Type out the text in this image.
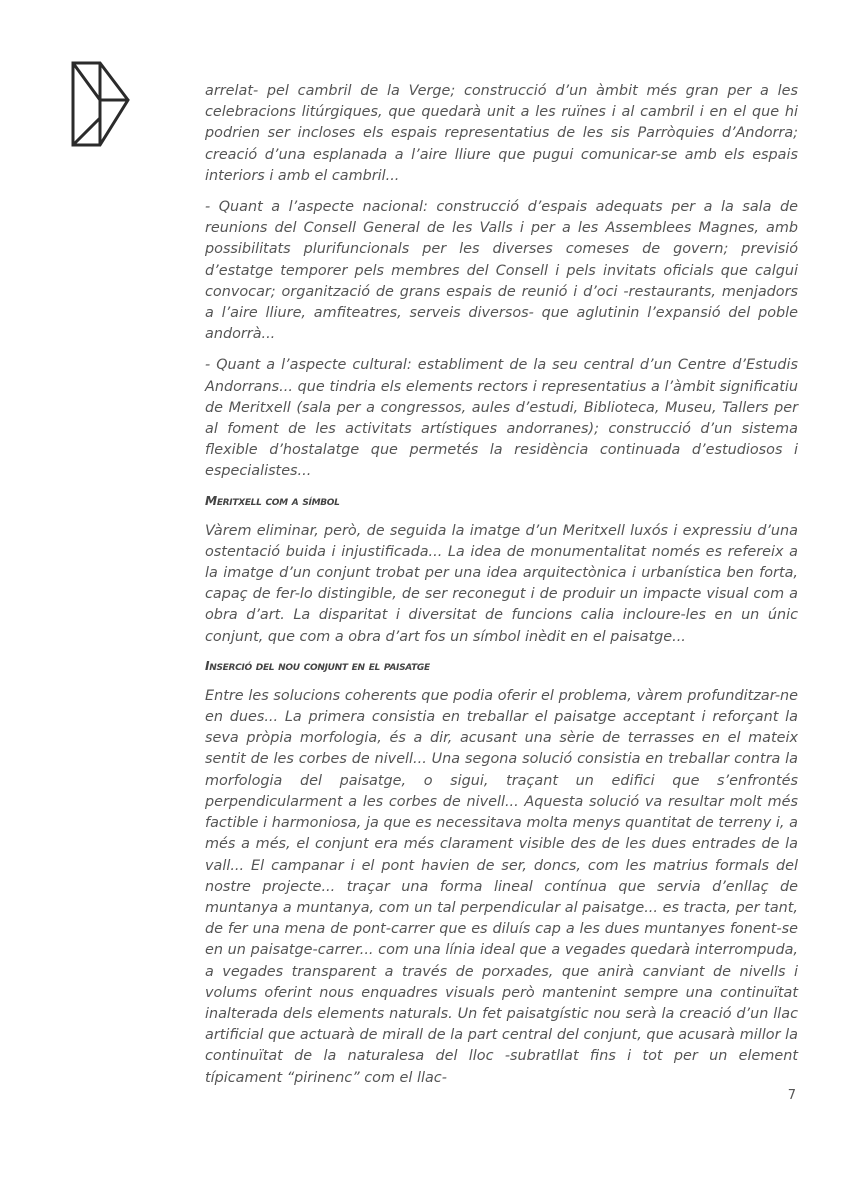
arrelat- pel cambril de la Verge; construcció d’un àmbit més gran per a les celebracions litúrgiques, que quedarà unit a les ruïnes i al cambril i en el que hi podrien ser incloses els espais representatius de les sis Parròquies d’Andorra; creació d’una esplanada a l’aire lliure que pugui comunicar-se amb els espais interiors i amb el cambril...

- Quant a l’aspecte nacional: construcció d’espais adequats per a la sala de reunions del Consell General de les Valls i per a les Assemblees Magnes, amb possibilitats plurifuncionals per les diverses comeses de govern; previsió d’estatge temporer pels membres del Consell i pels invitats oficials que calgui convocar; organització de grans espais de reunió i d’oci -restaurants, menjadors a l’aire lliure, amfiteatres, serveis diversos- que aglutinin l’expansió del poble andorrà...

- Quant a l’aspecte cultural: establiment de la seu central d’un Centre d’Estudis Andorrans... que tindria els elements rectors i representatius a l’àmbit significatiu de Meritxell (sala per a congressos, aules d’estudi, Biblioteca, Museu, Tallers per al foment de les activitats artístiques andorranes); construcció d’un sistema flexible d’hostalatge que permetés la residència continuada d’estudiosos i especialistes...

Meritxell com a símbol

Vàrem eliminar, però, de seguida la imatge d’un Meritxell luxós i expressiu d’una ostentació buida i injustificada... La idea de monumentalitat només es refereix a la imatge d’un conjunt trobat per una idea arquitectònica i urbanística ben forta, capaç de fer-lo distingible, de ser reconegut i de produir un impacte visual com a obra d’art. La disparitat i diversitat de funcions calia incloure-les en un únic conjunt, que com a obra d’art fos un símbol inèdit en el paisatge...

Inserció del nou conjunt en el paisatge

Entre les solucions coherents que podia oferir el problema, vàrem profunditzar-ne en dues... La primera consistia en treballar el paisatge acceptant i reforçant la seva pròpia morfologia, és a dir, acusant una sèrie de terrasses en el mateix sentit de les corbes de nivell... Una segona solució consistia en treballar contra la morfologia del paisatge, o sigui, traçant un edifici que s’enfrontés perpendicularment a les corbes de nivell... Aquesta solució va resultar molt més factible i harmoniosa, ja que es necessitava molta menys quantitat de terreny i, a més a més, el conjunt era més clarament visible des de les dues entrades de la vall... El campanar i el pont havien de ser, doncs, com les matrius formals del nostre projecte... traçar una forma lineal contínua que servia d’enllaç de muntanya a muntanya, com un tal perpendicular al paisatge... es tracta, per tant, de fer una mena de pont-carrer que es diluís cap a les dues muntanyes fonent-se en un paisatge-carrer... com una línia ideal que a vegades quedarà interrompuda, a vegades transparent a través de porxades, que anirà canviant de nivells i volums oferint nous enquadres visuals però mantenint sempre una continuïtat inalterada dels elements naturals. Un fet paisatgístic nou serà la creació d’un llac artificial que actuarà de mirall de la part central del conjunt, que acusarà millor la continuïtat de la naturalesa del lloc -subratllat fins i tot per un element típicament “pirinenc” com el llac-

7
